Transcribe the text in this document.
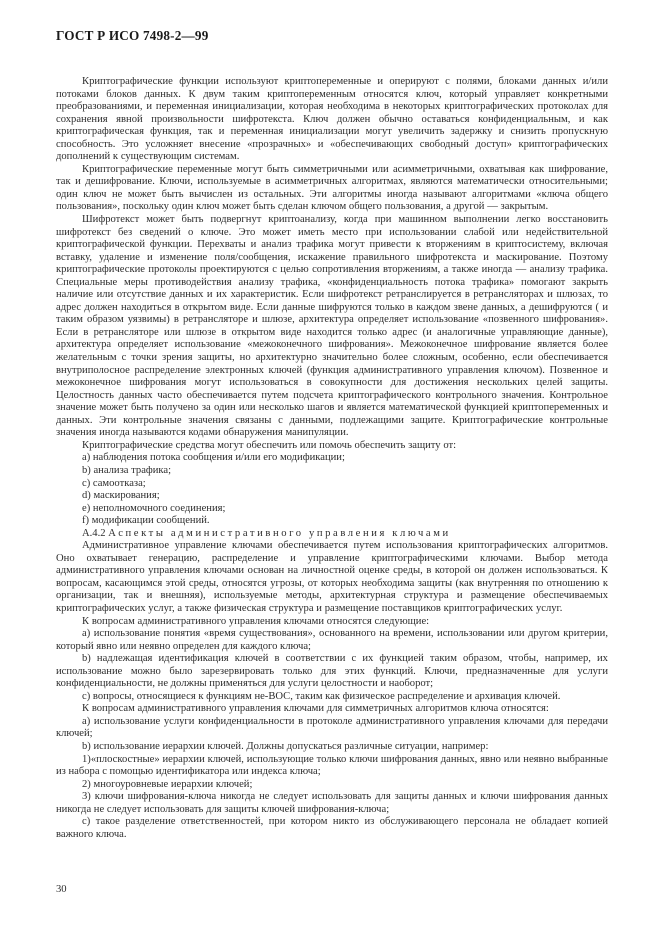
ГОСТ Р ИСО 7498-2—99

Криптографические функции используют криптопеременные и оперируют с полями, блоками данных и/или потоками блоков данных. К двум таким криптопеременным относятся ключ, который управляет конкретными преобразованиями, и переменная инициализации, которая необходима в некоторых криптографических протоколах для сохранения явной произвольности шифротекста. Ключ должен обычно оставаться конфиденциальным, и как криптографическая функция, так и переменная инициализации могут увеличить задержку и снизить пропускную способность. Это усложняет внесение «прозрачных» и «обеспечивающих свободный доступ» криптографических дополнений к существующим системам.

Криптографические переменные могут быть симметричными или асимметричными, охватывая как шифрование, так и дешифрование. Ключи, используемые в асимметричных алгоритмах, являются математически относительными; один ключ не может быть вычислен из остальных. Эти алгоритмы иногда называют алгоритмами «ключа общего пользования», поскольку один ключ может быть сделан ключом общего пользования, а другой — закрытым.

Шифротекст может быть подвергнут криптоанализу, когда при машинном выполнении легко восстановить шифротекст без сведений о ключе. Это может иметь место при использовании слабой или недействительной криптографической функции. Перехваты и анализ трафика могут привести к вторжениям в криптосистему, включая вставку, удаление и изменение поля/сообщения, искажение правильного шифротекста и маскирование. Поэтому криптографические протоколы проектируются с целью сопротивления вторжениям, а также иногда — анализу трафика. Специальные меры противодействия анализу трафика, «конфиденциальность потока трафика» помогают закрыть наличие или отсутствие данных и их характеристик. Если шифротекст ретранслируется в ретрансляторах и шлюзах, то адрес должен находиться в открытом виде. Если данные шифруются только в каждом звене данных, а дешифруются ( и таким образом уязвимы) в ретрансляторе и шлюзе, архитектура определяет использование «позвенного шифрования». Если в ретрансляторе или шлюзе в открытом виде находится только адрес (и аналогичные управляющие данные), архитектура определяет использование «межоконечного шифрования». Межоконечное шифрование является более желательным с точки зрения защиты, но архитектурно значительно более сложным, особенно, если обеспечивается внутриполосное распределение электронных ключей (функция административного управления ключом). Позвенное и межоконечное шифрования могут использоваться в совокупности для достижения нескольких целей защиты. Целостность данных часто обеспечивается путем подсчета криптографического контрольного значения. Контрольное значение может быть получено за один или несколько шагов и является математической функцией криптопеременных и данных. Эти контрольные значения связаны с данными, подлежащими защите. Криптографические контрольные значения иногда называются кодами обнаружения манипуляции.

Криптографические средства могут обеспечить или помочь обеспечить защиту от:

a) наблюдения потока сообщения и/или его модификации;
b) анализа трафика;
c) самоотказа;
d) маскирования;
e) неполномочного соединения;
f) модификации сообщений.

А.4.2 Аспекты административного управления ключами

Административное управление ключами обеспечивается путем использования криптографических алгоритмов. Оно охватывает генерацию, распределение и управление криптографическими ключами. Выбор метода административного управления ключами основан на личностной оценке среды, в которой он должен использоваться. К вопросам, касающимся этой среды, относятся угрозы, от которых необходима защиты (как внутренняя по отношению к организации, так и внешняя), используемые методы, архитектурная структура и размещение обеспечиваемых криптографических услуг, а также физическая структура и размещение поставщиков криптографических услуг.

К вопросам административного управления ключами относятся следующие:

a) использование понятия «время существования», основанного на времени, использовании или другом критерии, который явно или неявно определен для каждого ключа;
b) надлежащая идентификация ключей в соответствии с их функцией таким образом, чтобы, например, их использование можно было зарезервировать только для этих функций. Ключи, предназначенные для услуги конфиденциальности, не должны применяться для услуги целостности и наоборот;
c) вопросы, относящиеся к функциям не-ВОС, таким как физическое распределение и архивация ключей.

К вопросам административного управления ключами для симметричных алгоритмов ключа относятся:

a) использование услуги конфиденциальности в протоколе административного управления ключами для передачи ключей;
b) использование иерархии ключей. Должны допускаться различные ситуации, например:
1)«плоскостные» иерархии ключей, использующие только ключи шифрования данных, явно или неявно выбранные из набора с помощью идентификатора или индекса ключа;
2) многоуровневые иерархии ключей;
3) ключи шифрования-ключа никогда не следует использовать для защиты данных и ключи шифрования данных никогда не следует использовать для защиты ключей шифрования-ключа;
c) такое разделение ответственностей, при котором никто из обслуживающего персонала не обладает копией важного ключа.
30
